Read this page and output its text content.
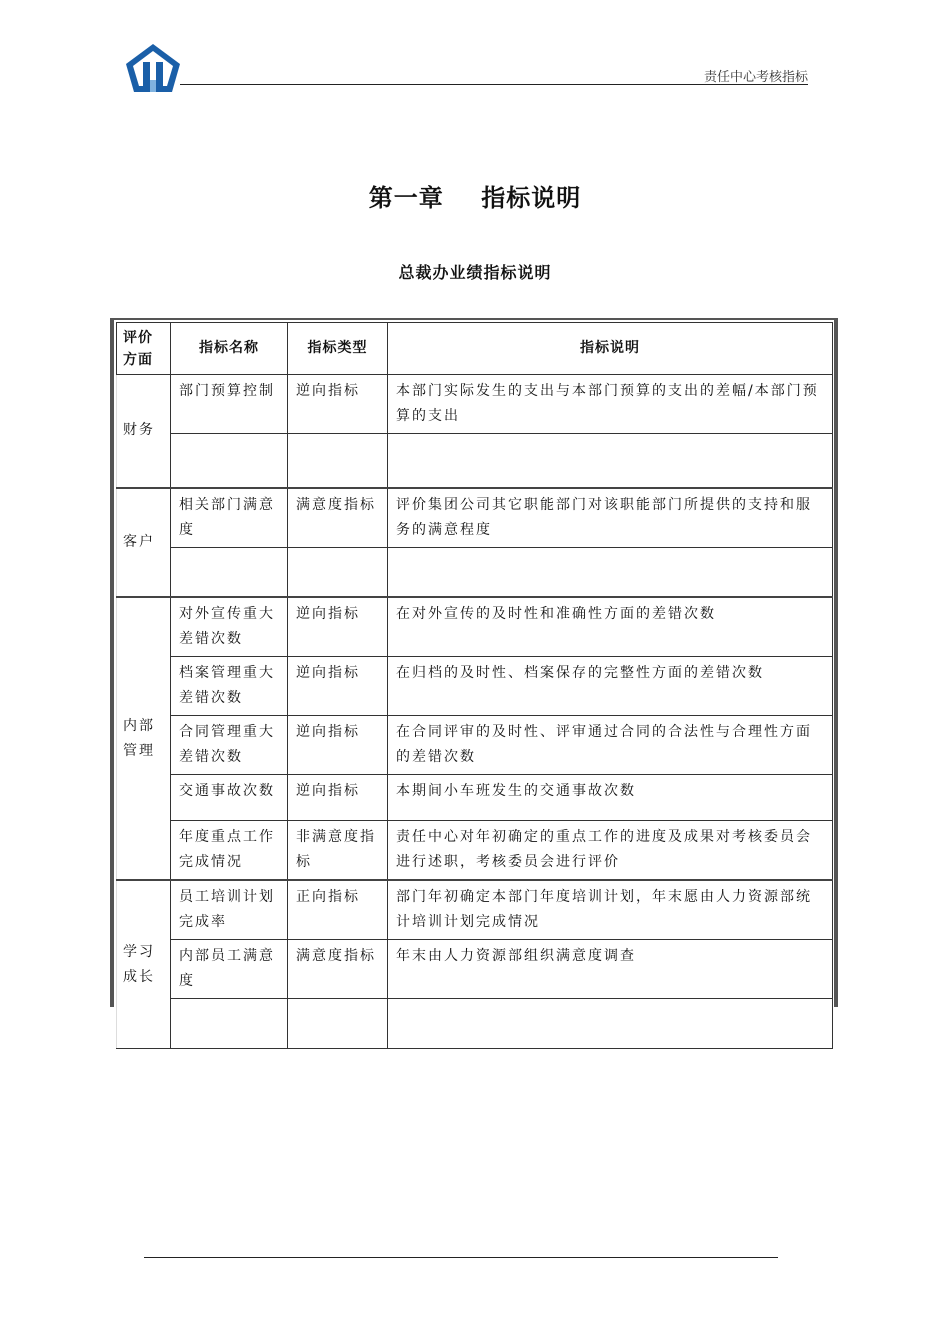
责任中心考核指标
第一章    指标说明
总裁办业绩指标说明
评价方面	指标名称	指标类型	指标说明
财务	部门预算控制	逆向指标	本部门实际发生的支出与本部门预算的支出的差幅/本部门预算的支出

客户	相关部门满意度	满意度指标	评价集团公司其它职能部门对该职能部门所提供的支持和服务的满意程度

内部管理	对外宣传重大差错次数	逆向指标	在对外宣传的及时性和准确性方面的差错次数
	档案管理重大差错次数	逆向指标	在归档的及时性、档案保存的完整性方面的差错次数
	合同管理重大差错次数	逆向指标	在合同评审的及时性、评审通过合同的合法性与合理性方面的差错次数
	交通事故次数	逆向指标	本期间小车班发生的交通事故次数
	年度重点工作完成情况	非满意度指标	责任中心对年初确定的重点工作的进度及成果对考核委员会进行述职，考核委员会进行评价
学习成长	员工培训计划完成率	正向指标	部门年初确定本部门年度培训计划，年末愿由人力资源部统计培训计划完成情况
	内部员工满意度	满意度指标	年末由人力资源部组织满意度调查
